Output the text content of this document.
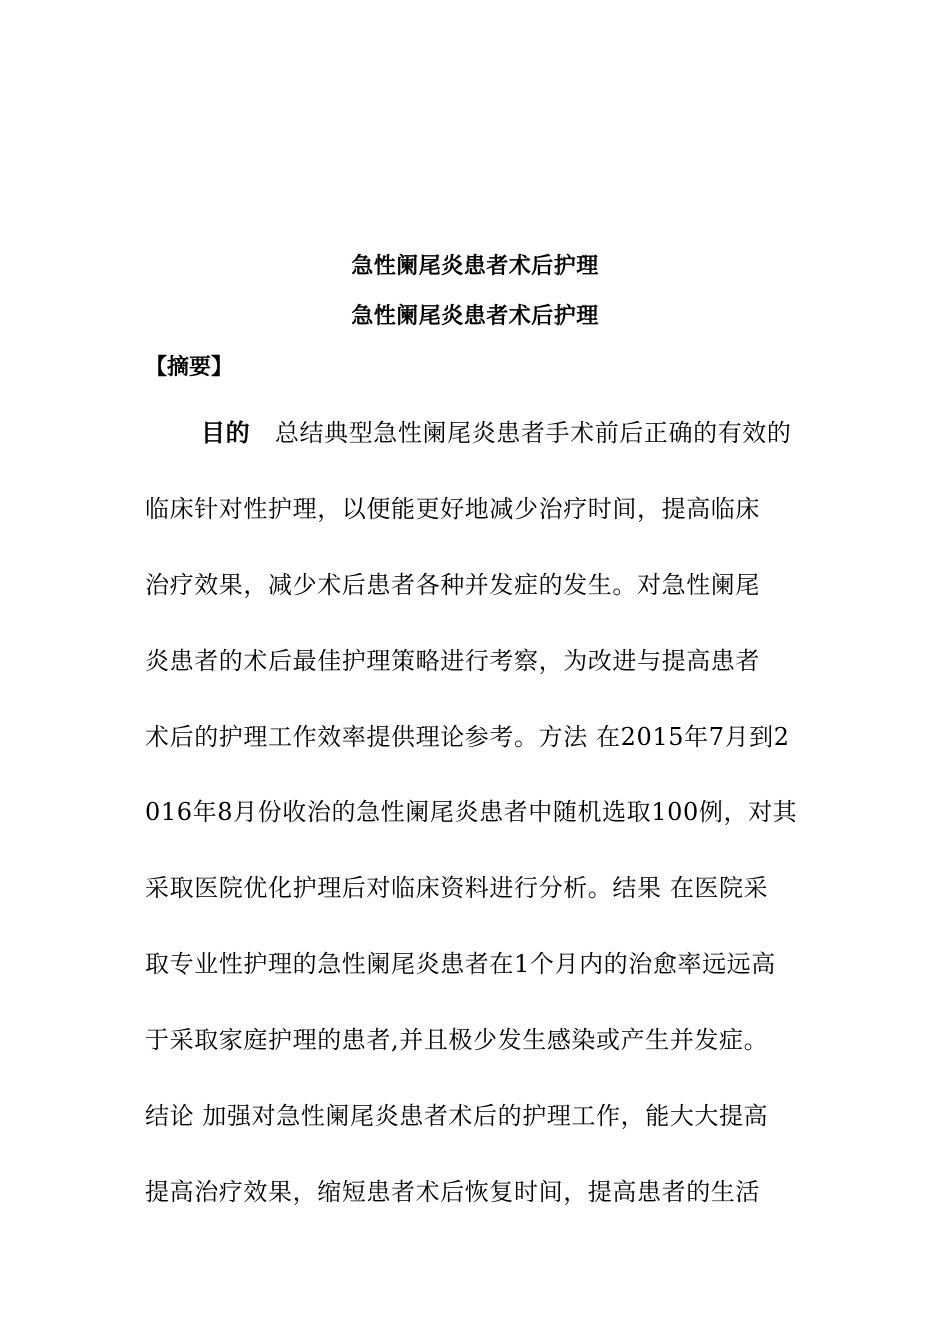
急性阑尾炎患者术后护理
急性阑尾炎患者术后护理
【摘要】
目的 总结典型急性阑尾炎患者手术前后正确的有效的
临床针对性护理，以便能更好地减少治疗时间，提高临床
治疗效果，减少术后患者各种并发症的发生。对急性阑尾
炎患者的术后最佳护理策略进行考察，为改进与提高患者
术后的护理工作效率提供理论参考。方法 在2015年7月到2
016年8月份收治的急性阑尾炎患者中随机选取100例，对其
采取医院优化护理后对临床资料进行分析。结果 在医院采
取专业性护理的急性阑尾炎患者在1个月内的治愈率远远高
于采取家庭护理的患者,并且极少发生感染或产生并发症。
结论 加强对急性阑尾炎患者术后的护理工作，能大大提高
提高治疗效果，缩短患者术后恢复时间，提高患者的生活
